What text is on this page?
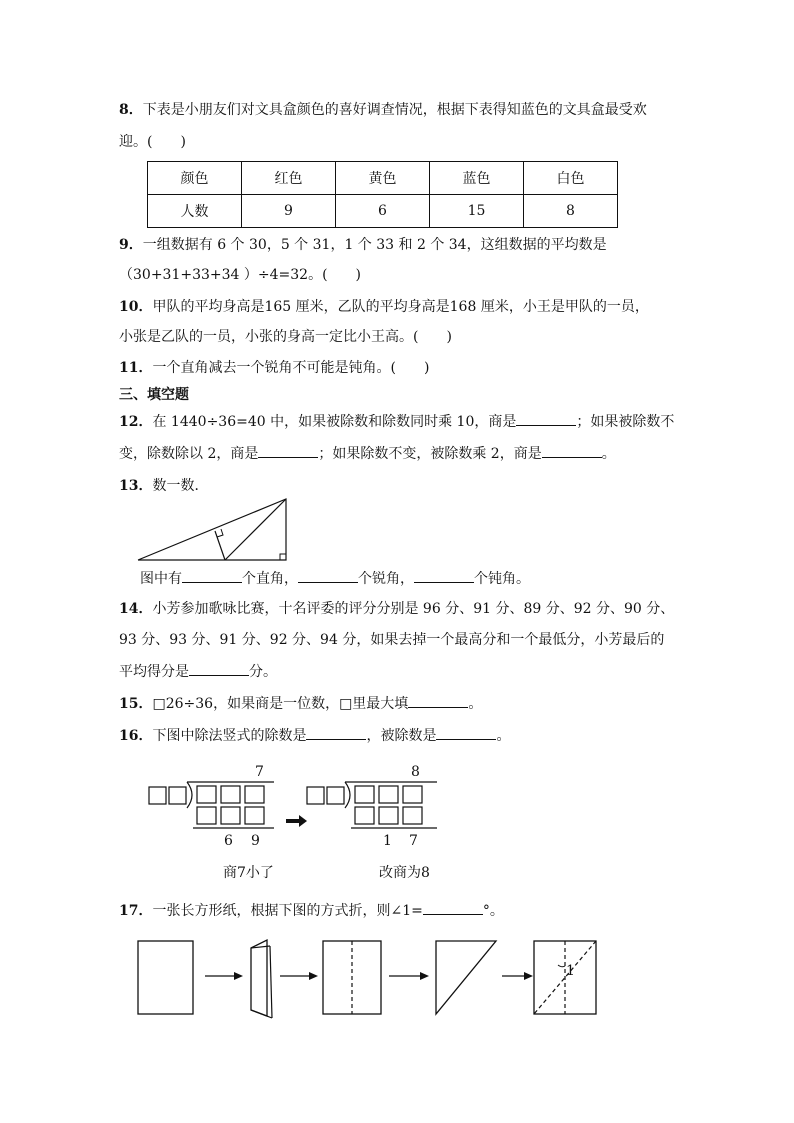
8．下表是小朋友们对文具盒颜色的喜好调查情况，根据下表得知蓝色的文具盒最受欢
迎。(　　)
颜色	红色	黄色	蓝色	白色
人数	9	6	15	8
9．一组数据有 6 个 30，5 个 31，1 个 33 和 2 个 34，这组数据的平均数是
（30+31+33+34 ）÷4=32。(　　)
10．甲队的平均身高是165 厘米，乙队的平均身高是168 厘米，小王是甲队的一员，
小张是乙队的一员，小张的身高一定比小王高。(　　)
11．一个直角减去一个锐角不可能是钝角。(　　)
三、填空题
12．在 1440÷36=40 中，如果被除数和除数同时乘 10，商是	；如果被除数不
变，除数除以 2，商是	；如果除数不变，被除数乘 2，商是	。
13．数一数．
图中有	个直角，	个锐角，	个钝角。
14．小芳参加歌咏比赛，十名评委的评分分别是 96 分、91 分、89 分、92 分、90 分、
93 分、93 分、91 分、92 分、94 分，如果去掉一个最高分和一个最低分，小芳最后的
平均得分是	分。
15．□26÷36，如果商是一位数，□里最大填	。
16．下图中除法竖式的除数是	，被除数是	。
7
6 9
商7小了
8
1 7
改商为8
17．一张长方形纸，根据下图的方式折，则∠1=	°。
1
